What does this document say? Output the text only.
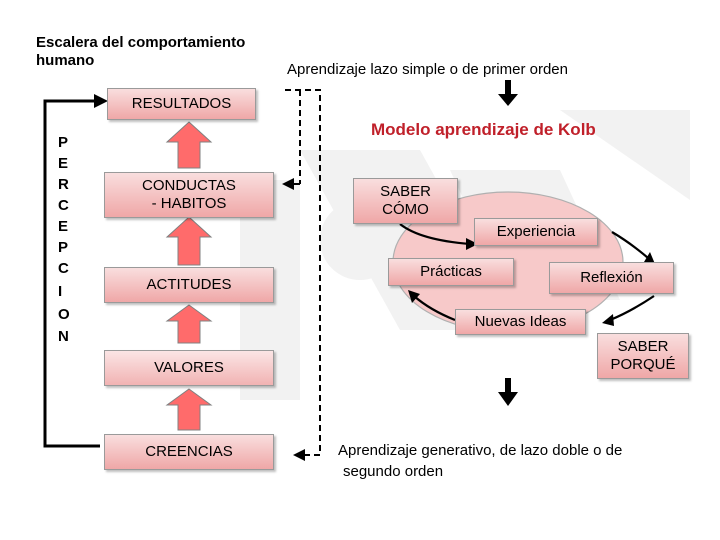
Escalera del comportamiento
humano
Aprendizaje lazo simple o de primer orden
RESULTADOS
CONDUCTAS
- HABITOS
ACTITUDES
VALORES
CREENCIAS
P
E
R
C
E
P
C
I
O
N
Modelo aprendizaje de Kolb
SABER
CÓMO
Experiencia
Prácticas	Reflexión
Nuevas Ideas
SABER
PORQUÉ
Aprendizaje generativo, de lazo doble o de
segundo orden
